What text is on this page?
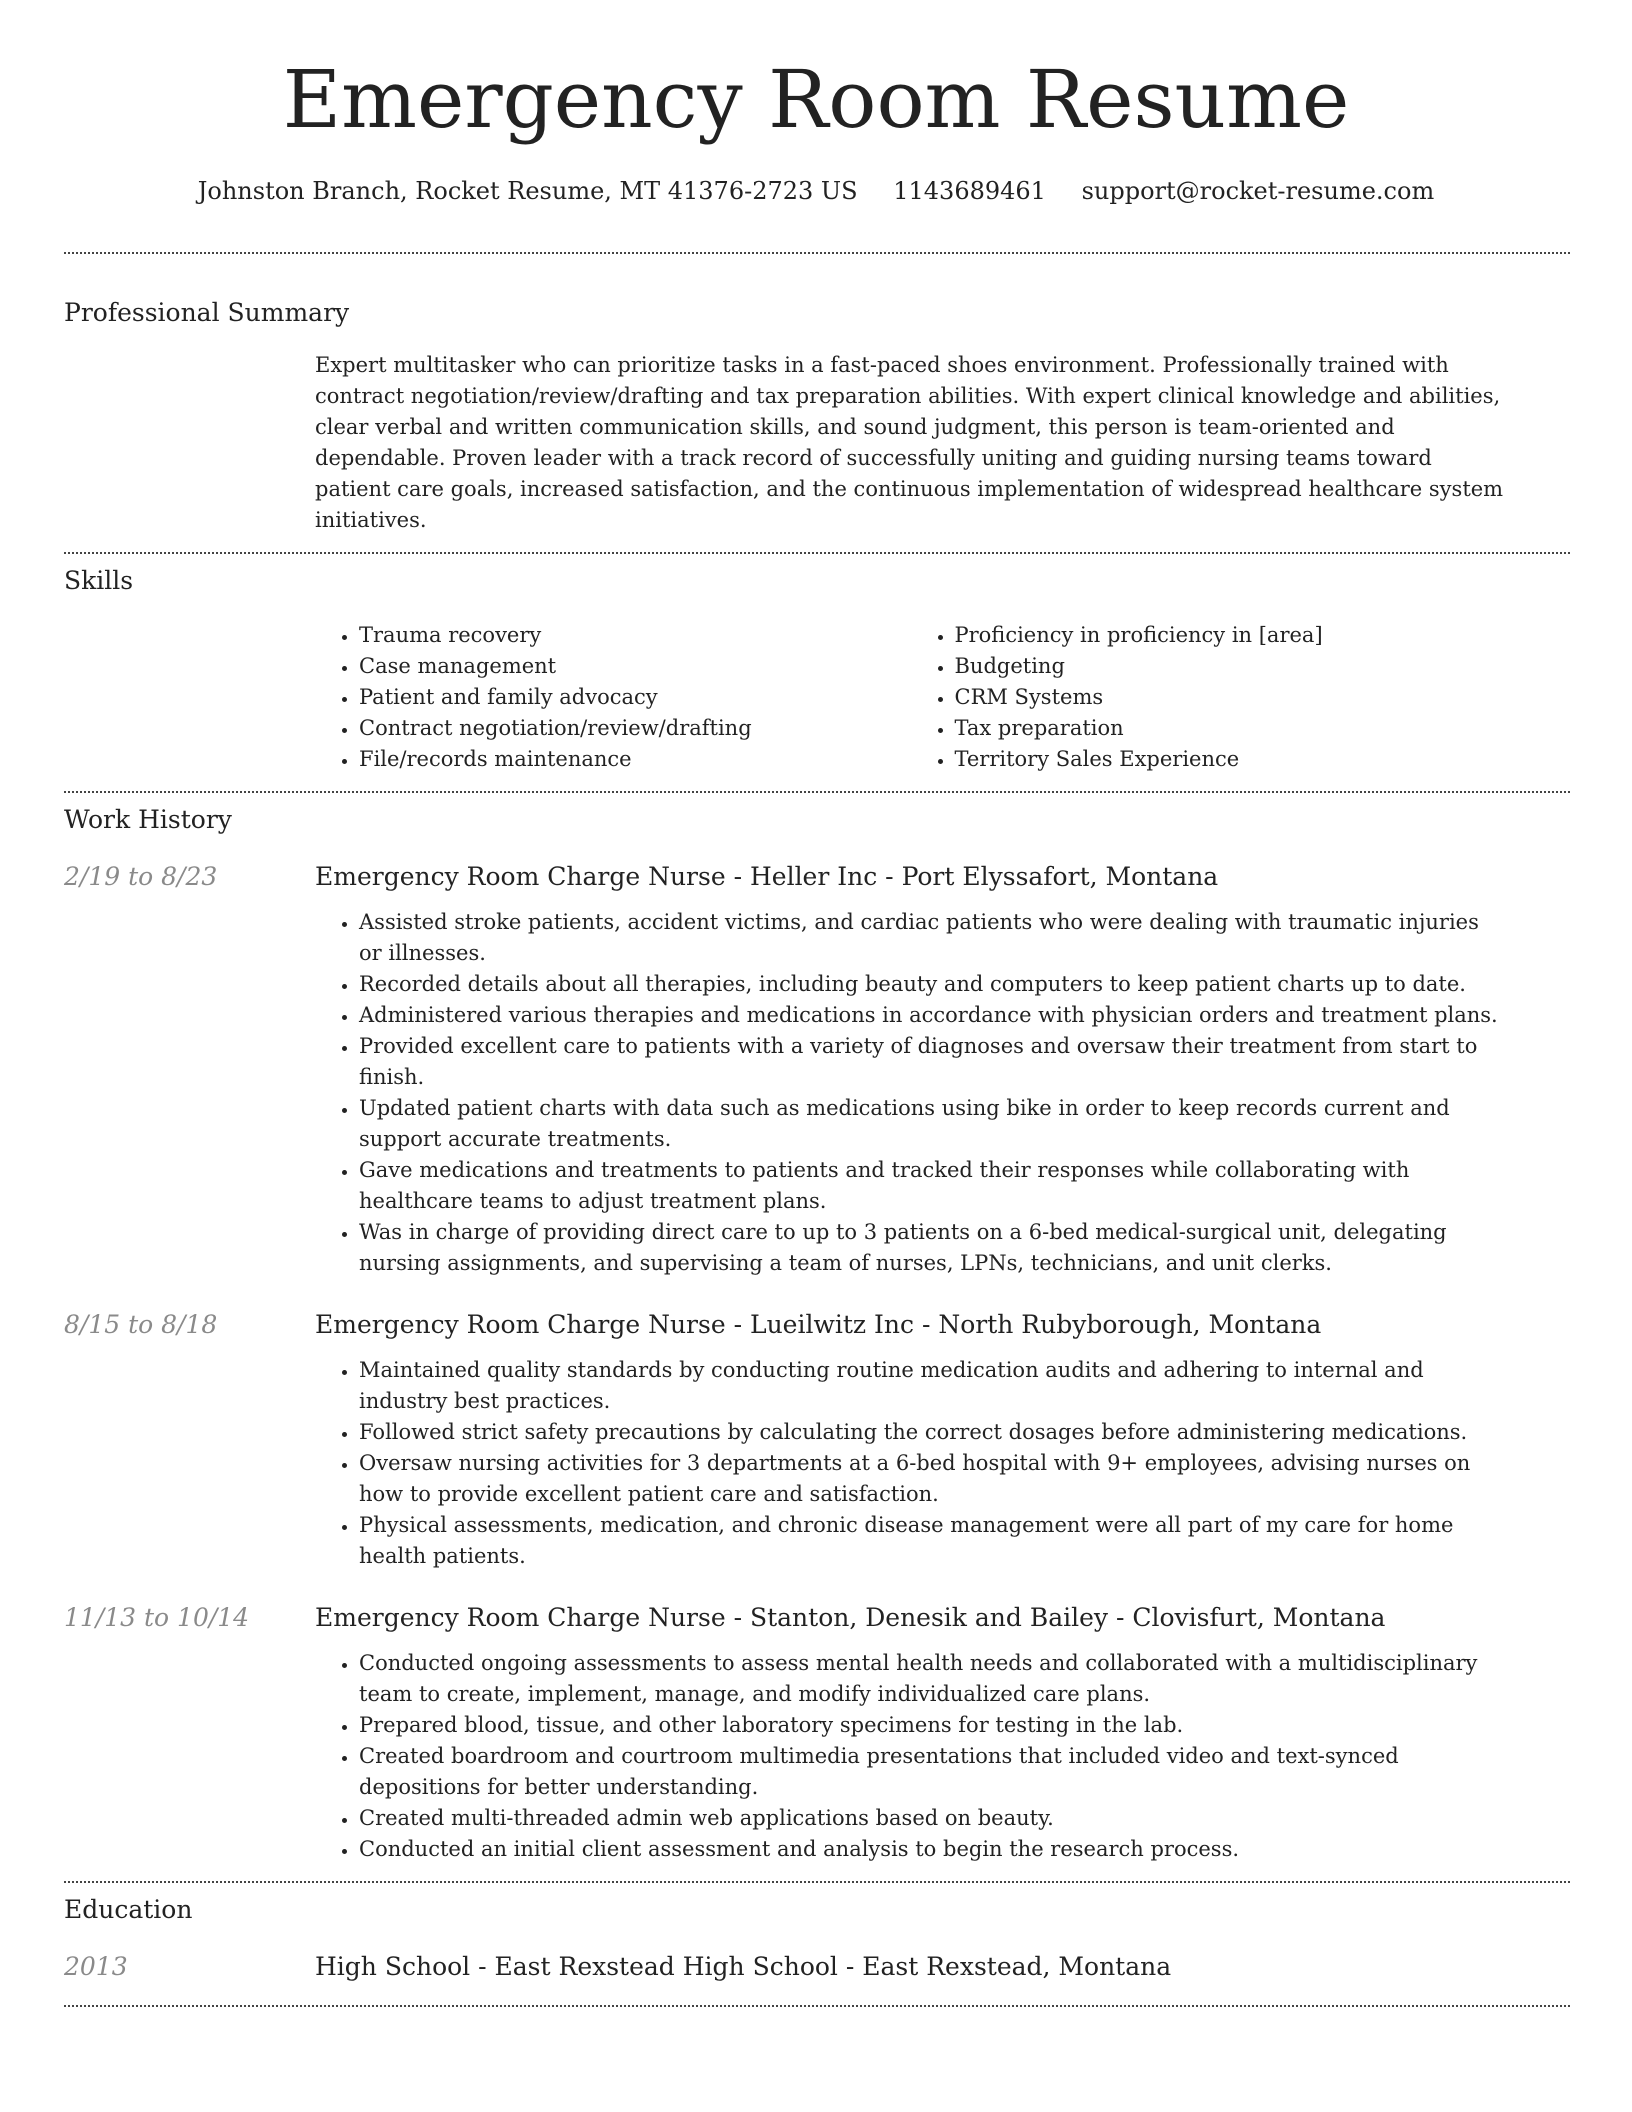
Emergency Room Resume
Johnston Branch, Rocket Resume, MT 41376-2723 US 1143689461 support@rocket-resume.com
Professional Summary
Expert multitasker who can prioritize tasks in a fast-paced shoes environment. Professionally trained with contract negotiation/review/drafting and tax preparation abilities. With expert clinical knowledge and abilities, clear verbal and written communication skills, and sound judgment, this person is team-oriented and dependable. Proven leader with a track record of successfully uniting and guiding nursing teams toward patient care goals, increased satisfaction, and the continuous implementation of widespread healthcare system initiatives.
Skills
• Trauma recovery
• Case management
• Patient and family advocacy
• Contract negotiation/review/drafting
• File/records maintenance
• Proficiency in proficiency in [area]
• Budgeting
• CRM Systems
• Tax preparation
• Territory Sales Experience
Work History
2/19 to 8/23	Emergency Room Charge Nurse - Heller Inc - Port Elyssafort, Montana
• Assisted stroke patients, accident victims, and cardiac patients who were dealing with traumatic injuries or illnesses.
• Recorded details about all therapies, including beauty and computers to keep patient charts up to date.
• Administered various therapies and medications in accordance with physician orders and treatment plans.
• Provided excellent care to patients with a variety of diagnoses and oversaw their treatment from start to finish.
• Updated patient charts with data such as medications using bike in order to keep records current and support accurate treatments.
• Gave medications and treatments to patients and tracked their responses while collaborating with healthcare teams to adjust treatment plans.
• Was in charge of providing direct care to up to 3 patients on a 6-bed medical-surgical unit, delegating nursing assignments, and supervising a team of nurses, LPNs, technicians, and unit clerks.
8/15 to 8/18	Emergency Room Charge Nurse - Lueilwitz Inc - North Rubyborough, Montana
• Maintained quality standards by conducting routine medication audits and adhering to internal and industry best practices.
• Followed strict safety precautions by calculating the correct dosages before administering medications.
• Oversaw nursing activities for 3 departments at a 6-bed hospital with 9+ employees, advising nurses on how to provide excellent patient care and satisfaction.
• Physical assessments, medication, and chronic disease management were all part of my care for home health patients.
11/13 to 10/14	Emergency Room Charge Nurse - Stanton, Denesik and Bailey - Clovisfurt, Montana
• Conducted ongoing assessments to assess mental health needs and collaborated with a multidisciplinary team to create, implement, manage, and modify individualized care plans.
• Prepared blood, tissue, and other laboratory specimens for testing in the lab.
• Created boardroom and courtroom multimedia presentations that included video and text-synced depositions for better understanding.
• Created multi-threaded admin web applications based on beauty.
• Conducted an initial client assessment and analysis to begin the research process.
Education
2013	High School - East Rexstead High School - East Rexstead, Montana
